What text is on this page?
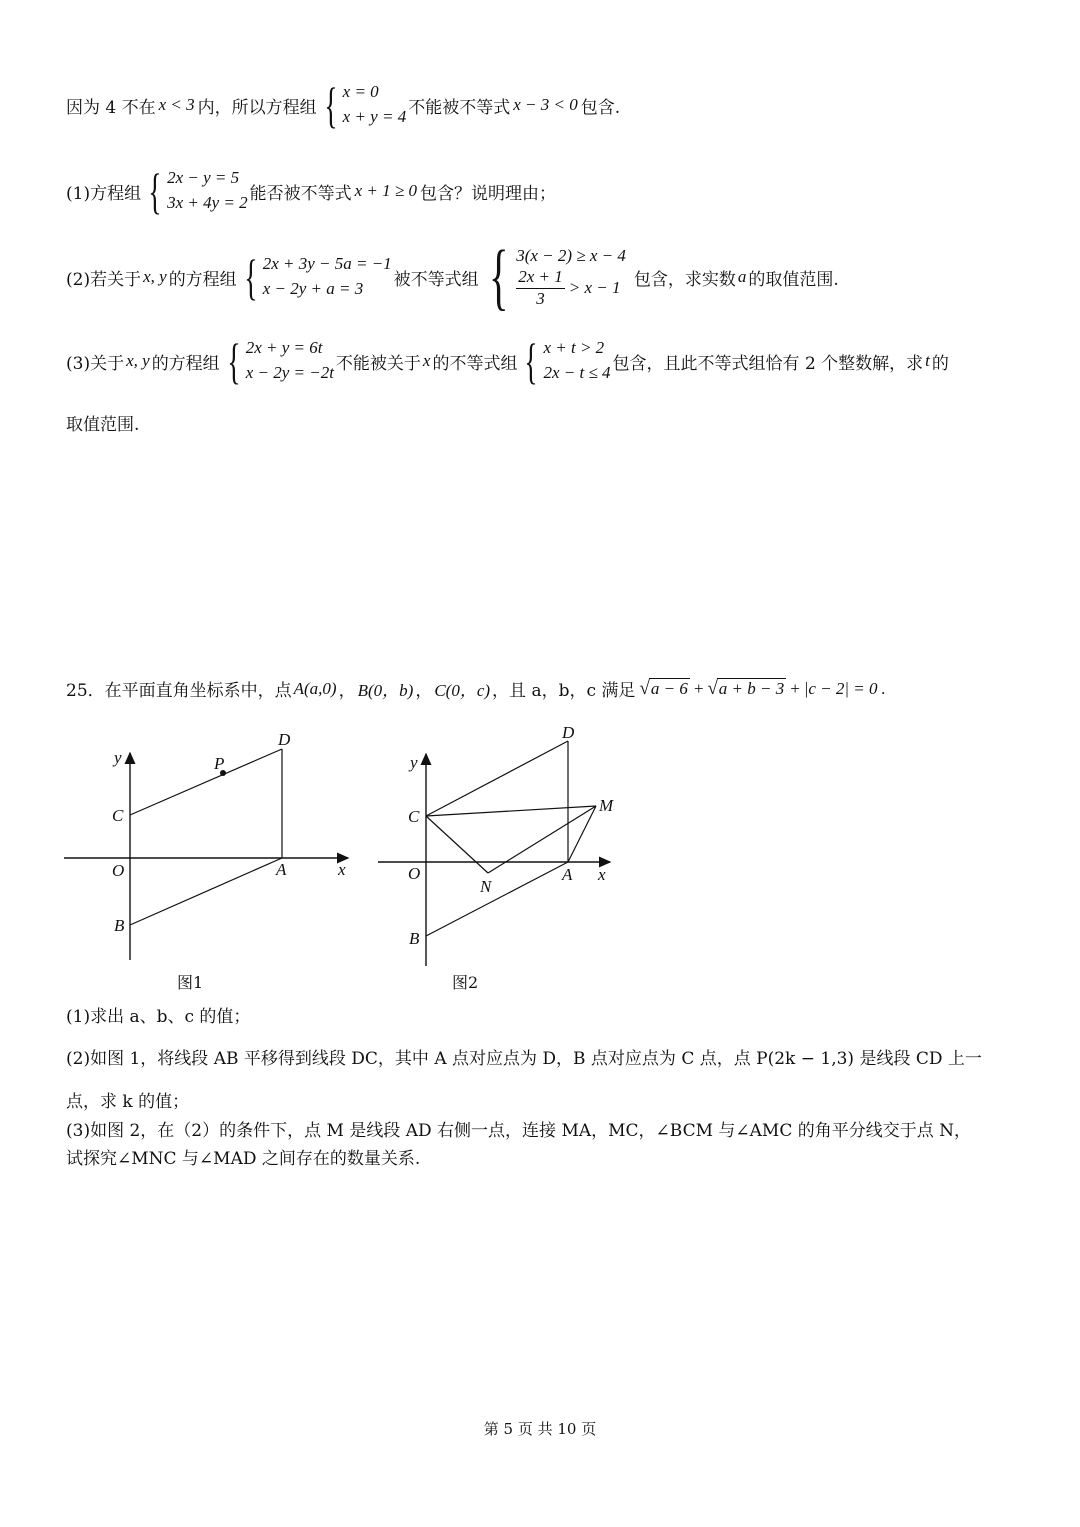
因为 4 不在 x < 3 内，所以方程组 { x = 0
x + y = 4 不能被不等式 x − 3 < 0 包含.
(1)方程组 { 2x − y = 5
3x + 4y = 2 能否被不等式 x + 1 ≥ 0 包含？说明理由；
(2)若关于 x, y 的方程组 { 2x + 3y − 5a = −1
x − 2y + a = 3	被不等式组 { 3(x − 2) ≥ x − 4
$\frac{2x + 1}{3} > x - 1$ 包含，求实数 a 的取值范围.
(3)关于 x, y 的方程组 { 2x + y = 6t
x − 2y = −2t 不能被关于 x 的不等式组 { x + t > 2
2x − t ≤ 4 包含，且此不等式组恰有 2 个整数解，求 t 的
取值范围.
25．在平面直角坐标系中，点 A(a,0) ， B(0，b) ， C(0，c) ，且 a，b，c 满足 √ a − 6 + √ a + b − 3 + |c − 2| = 0 .
y
C
O
B
A	x
D
P
图1
y
C
O
B
N
A x
D
M
图2
(1)求出 a、b、c 的值；
(2)如图 1，将线段 AB 平移得到线段 DC，其中 A 点对应点为 D，B 点对应点为 C 点，点 P(2k − 1,3) 是线段 CD 上一
点，求 k 的值；
(3)如图 2，在（2）的条件下，点 M 是线段 AD 右侧一点，连接 MA，MC，∠BCM 与∠AMC 的角平分线交于点 N，
试探究∠MNC 与∠MAD 之间存在的数量关系.
第 5 页 共 10 页
